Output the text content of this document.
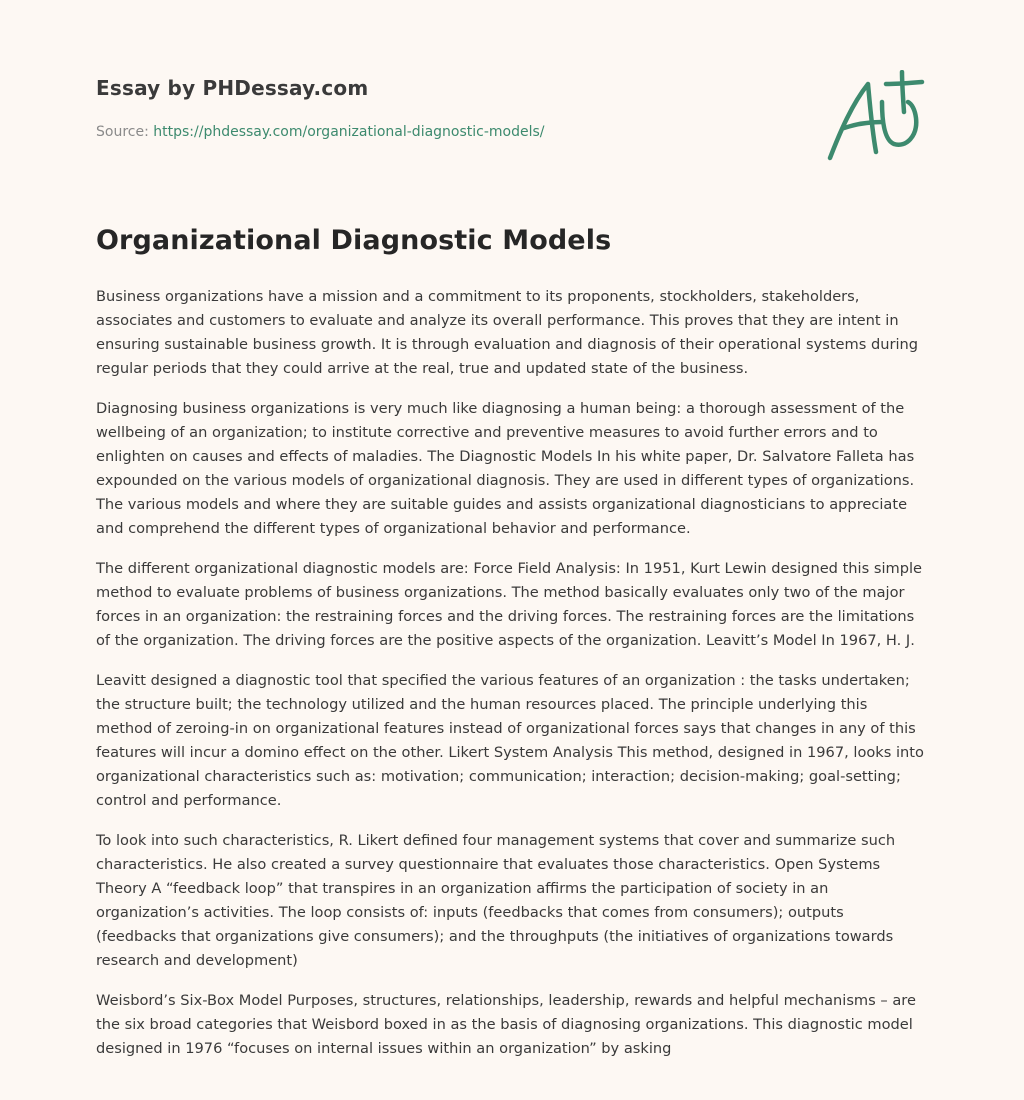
Essay by PHDessay.com
Source: https://phdessay.com/organizational-diagnostic-models/
Organizational Diagnostic Models

Business organizations have a mission and a commitment to its proponents, stockholders, stakeholders, associates and customers to evaluate and analyze its overall performance. This proves that they are intent in ensuring sustainable business growth. It is through evaluation and diagnosis of their operational systems during regular periods that they could arrive at the real, true and updated state of the business.

Diagnosing business organizations is very much like diagnosing a human being: a thorough assessment of the wellbeing of an organization; to institute corrective and preventive measures to avoid further errors and to enlighten on causes and effects of maladies. The Diagnostic Models In his white paper, Dr. Salvatore Falleta has expounded on the various models of organizational diagnosis. They are used in different types of organizations. The various models and where they are suitable guides and assists organizational diagnosticians to appreciate and comprehend the different types of organizational behavior and performance.

The different organizational diagnostic models are: Force Field Analysis: In 1951, Kurt Lewin designed this simple method to evaluate problems of business organizations. The method basically evaluates only two of the major forces in an organization: the restraining forces and the driving forces. The restraining forces are the limitations of the organization. The driving forces are the positive aspects of the organization. Leavitt’s Model In 1967, H. J.

Leavitt designed a diagnostic tool that specified the various features of an organization : the tasks undertaken; the structure built; the technology utilized and the human resources placed. The principle underlying this method of zeroing-in on organizational features instead of organizational forces says that changes in any of this features will incur a domino effect on the other. Likert System Analysis This method, designed in 1967, looks into organizational characteristics such as: motivation; communication; interaction; decision-making; goal-setting; control and performance.

To look into such characteristics, R. Likert defined four management systems that cover and summarize such characteristics. He also created a survey questionnaire that evaluates those characteristics. Open Systems Theory A “feedback loop” that transpires in an organization affirms the participation of society in an organization’s activities. The loop consists of: inputs (feedbacks that comes from consumers); outputs (feedbacks that organizations give consumers); and the throughputs (the initiatives of organizations towards research and development)

Weisbord’s Six-Box Model Purposes, structures, relationships, leadership, rewards and helpful mechanisms – are the six broad categories that Weisbord boxed in as the basis of diagnosing organizations. This diagnostic model designed in 1976 “focuses on internal issues within an organization” by asking
